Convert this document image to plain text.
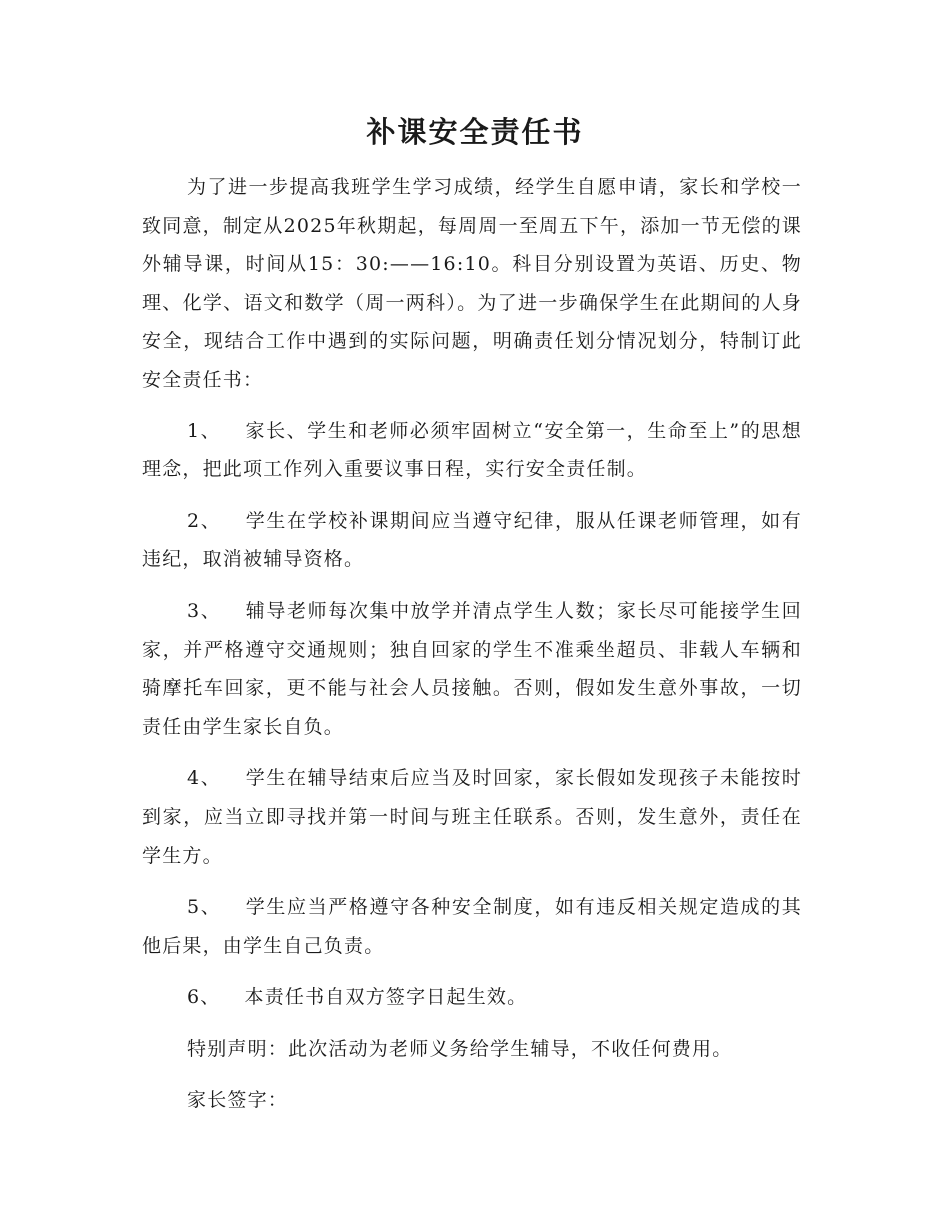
补课安全责任书

为了进一步提高我班学生学习成绩，经学生自愿申请，家长和学校一致同意，制定从2025年秋期起，每周周一至周五下午，添加一节无偿的课外辅导课，时间从15：30:——16:10。科目分别设置为英语、历史、物理、化学、语文和数学（周一两科）。为了进一步确保学生在此期间的人身安全，现结合工作中遇到的实际问题，明确责任划分情况划分，特制订此安全责任书：

1、 家长、学生和老师必须牢固树立“安全第一，生命至上”的思想理念，把此项工作列入重要议事日程，实行安全责任制。

2、 学生在学校补课期间应当遵守纪律，服从任课老师管理，如有违纪，取消被辅导资格。

3、 辅导老师每次集中放学并清点学生人数；家长尽可能接学生回家，并严格遵守交通规则；独自回家的学生不准乘坐超员、非载人车辆和骑摩托车回家，更不能与社会人员接触。否则，假如发生意外事故，一切责任由学生家长自负。

4、 学生在辅导结束后应当及时回家，家长假如发现孩子未能按时到家，应当立即寻找并第一时间与班主任联系。否则，发生意外，责任在学生方。

5、 学生应当严格遵守各种安全制度，如有违反相关规定造成的其他后果，由学生自己负责。

6、 本责任书自双方签字日起生效。

特别声明：此次活动为老师义务给学生辅导，不收任何费用。

家长签字：
